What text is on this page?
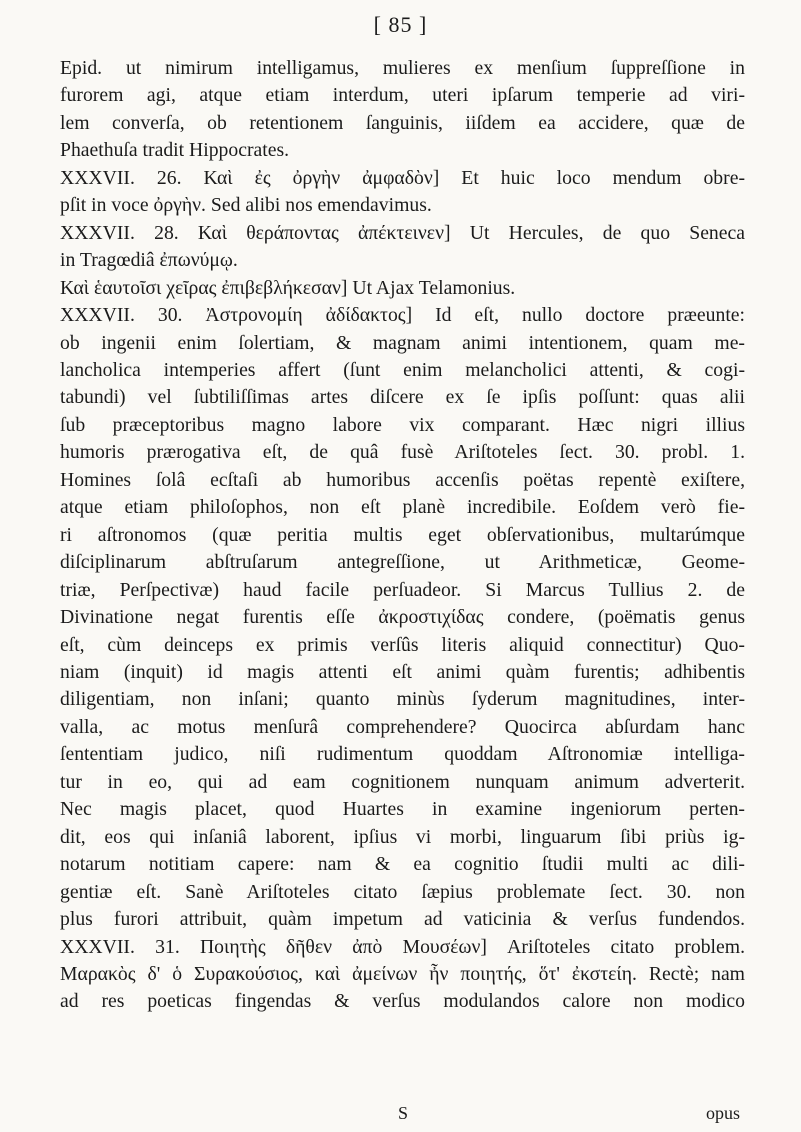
[ 85 ]
Epid. ut nimirum intelligamus, mulieres ex menſium ſuppreſſione in
furorem agi, atque etiam interdum, uteri ipſarum temperie ad viri-
lem converſa, ob retentionem ſanguinis, iiſdem ea accidere, quæ de
Phaethuſa tradit Hippocrates.
XXXVII. 26. Καὶ ἐς ὀργὴν ἀμφαδὸν] Et huic loco mendum obre-
pſit in voce ὀργὴν. Sed alibi nos emendavimus.
XXXVII. 28. Καὶ θεράποντας ἀπέκτεινεν] Ut Hercules, de quo Seneca
in Tragœdiâ ἐπωνύμῳ.
Καὶ ἑαυτοῖσι χεῖρας ἐπιβεβλήκεσαν] Ut Ajax Telamonius.
XXXVII. 30. Ἀστρονομίη ἀδίδακτος] Id eſt, nullo doctore præeunte:
ob ingenii enim ſolertiam, & magnam animi intentionem, quam me-
lancholica intemperies affert (ſunt enim melancholici attenti, & cogi-
tabundi) vel ſubtiliſſimas artes diſcere ex ſe ipſis poſſunt: quas alii
ſub præceptoribus magno labore vix comparant. Hæc nigri illius
humoris prærogativa eſt, de quâ fusè Ariſtoteles ſect. 30. probl. 1.
Homines ſolâ ecſtaſi ab humoribus accenſis poëtas repentè exiſtere,
atque etiam philoſophos, non eſt planè incredibile. Eoſdem verò fie-
ri aſtronomos (quæ peritia multis eget obſervationibus, multarúmque
diſciplinarum abſtruſarum antegreſſione, ut Arithmeticæ, Geome-
triæ, Perſpectivæ) haud facile perſuadeor. Si Marcus Tullius 2. de
Divinatione negat furentis eſſe ἀκροστιχίδας condere, (poëmatis genus
eſt, cùm deinceps ex primis verſûs literis aliquid connectitur) Quo-
niam (inquit) id magis attenti eſt animi quàm furentis; adhibentis
diligentiam, non inſani; quanto minùs ſyderum magnitudines, inter-
valla, ac motus menſurâ comprehendere? Quocirca abſurdam hanc
ſententiam judico, niſi rudimentum quoddam Aſtronomiæ intelliga-
tur in eo, qui ad eam cognitionem nunquam animum adverterit.
Nec magis placet, quod Huartes in examine ingeniorum perten-
dit, eos qui inſaniâ laborent, ipſius vi morbi, linguarum ſibi priùs ig-
notarum notitiam capere: nam & ea cognitio ſtudii multi ac dili-
gentiæ eſt. Sanè Ariſtoteles citato ſæpius problemate ſect. 30. non
plus furori attribuit, quàm impetum ad vaticinia & verſus fundendos.
XXXVII. 31. Ποιητὴς δῆθεν ἀπὸ Μουσέων] Ariſtoteles citato problem.
Μαρακὸς δ' ὁ Συρακούσιος, καὶ ἀμείνων ἦν ποιητής, ὅτ' ἐκστείη. Rectè; nam
ad res poeticas fingendas & verſus modulandos calore non modico
S	opus
